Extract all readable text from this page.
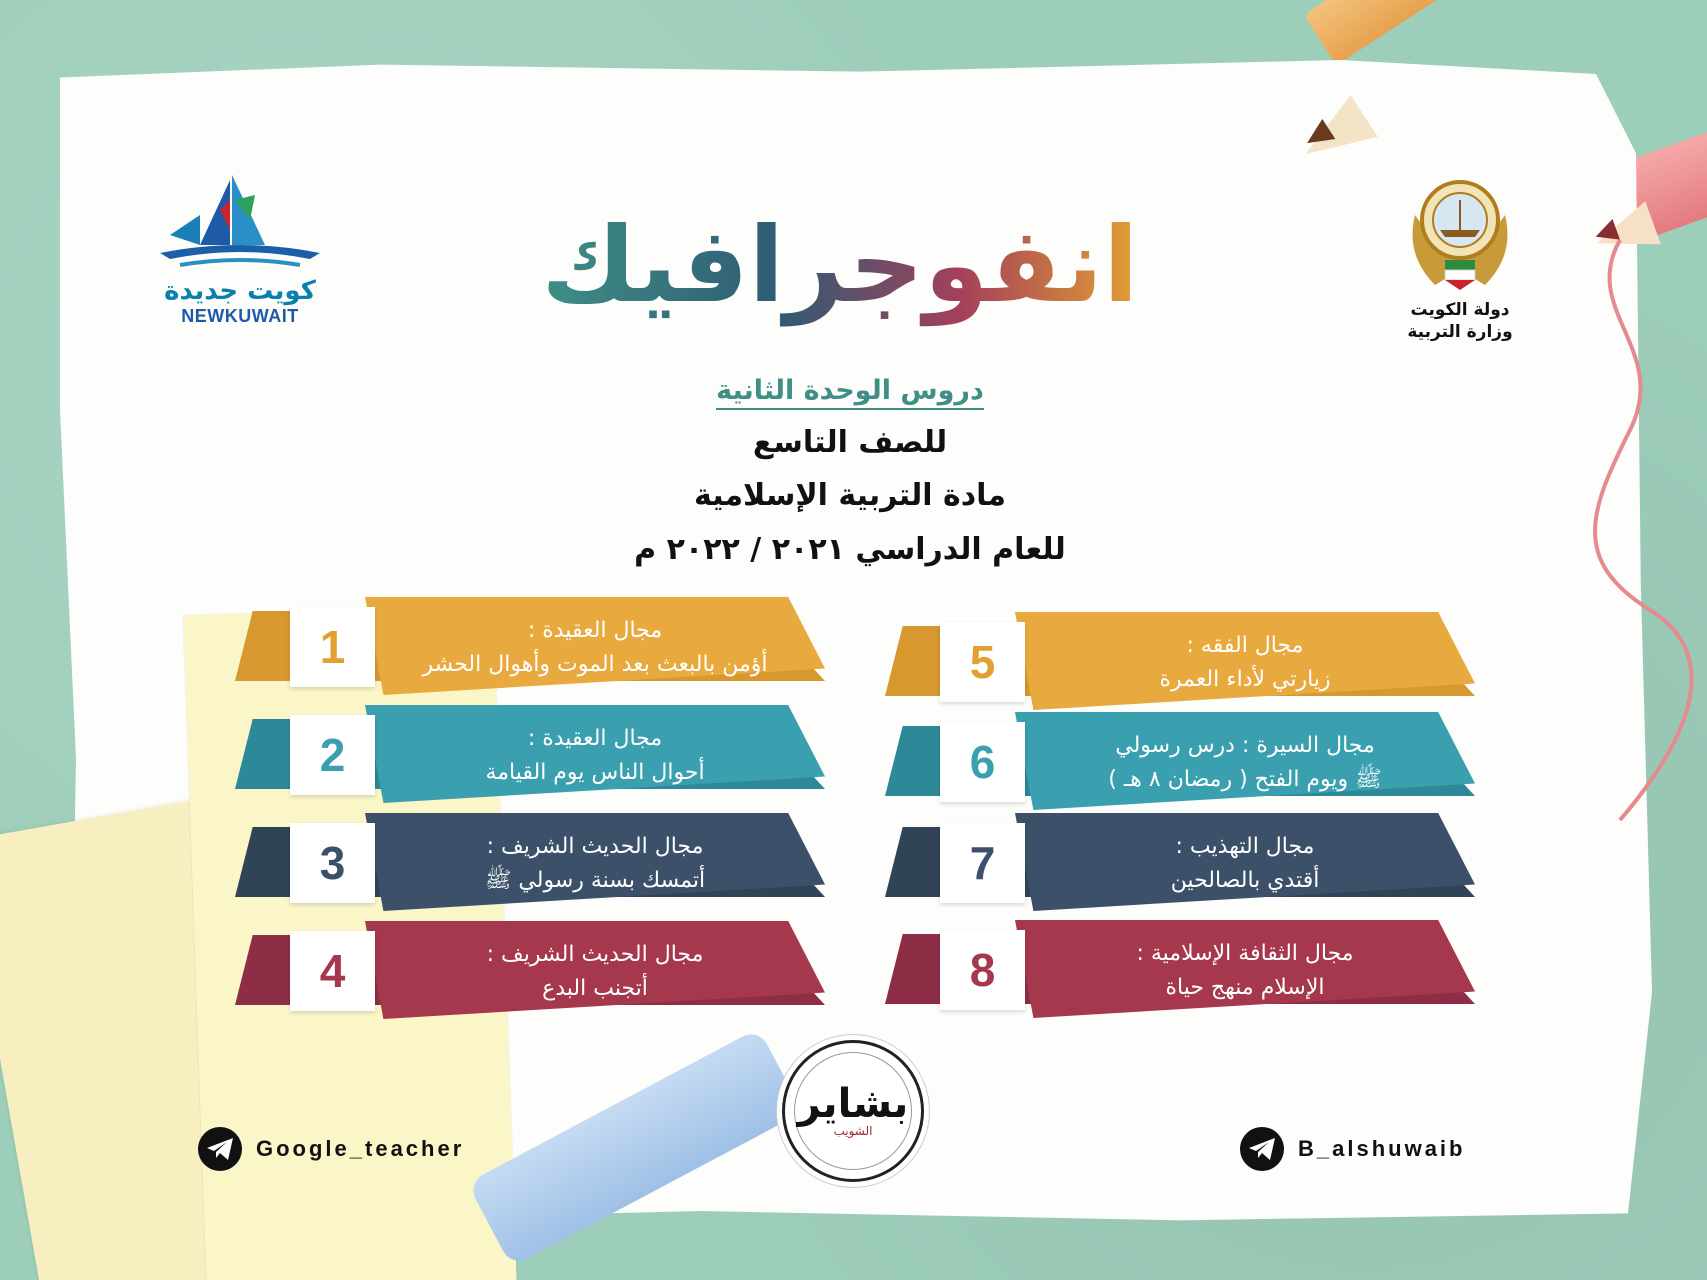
كويت جديدة
NEWKUWAIT	دولة الكويت
وزارة التربية
انفوجرافيك
دروس الوحدة الثانية
للصف التاسع
مادة التربية الإسلامية
للعام الدراسي ٢٠٢١ / ٢٠٢٢ م
1	مجال العقيدة :
أؤمن بالبعث بعد الموت وأهوال الحشر
2	مجال العقيدة :
أحوال الناس يوم القيامة
3	مجال الحديث الشريف :
أتمسك بسنة رسولي ﷺ
4	مجال الحديث الشريف :
أتجنب البدع
5	مجال الفقه :
زيارتي لأداء العمرة
6	مجال السيرة : درس رسولي
ﷺ ويوم الفتح ( رمضان ٨ هـ )
7	مجال التهذيب :
أقتدي بالصالحين
8	مجال الثقافة الإسلامية :
الإسلام منهج حياة
بشاير
الشويب
Google_teacher	B_alshuwaib
